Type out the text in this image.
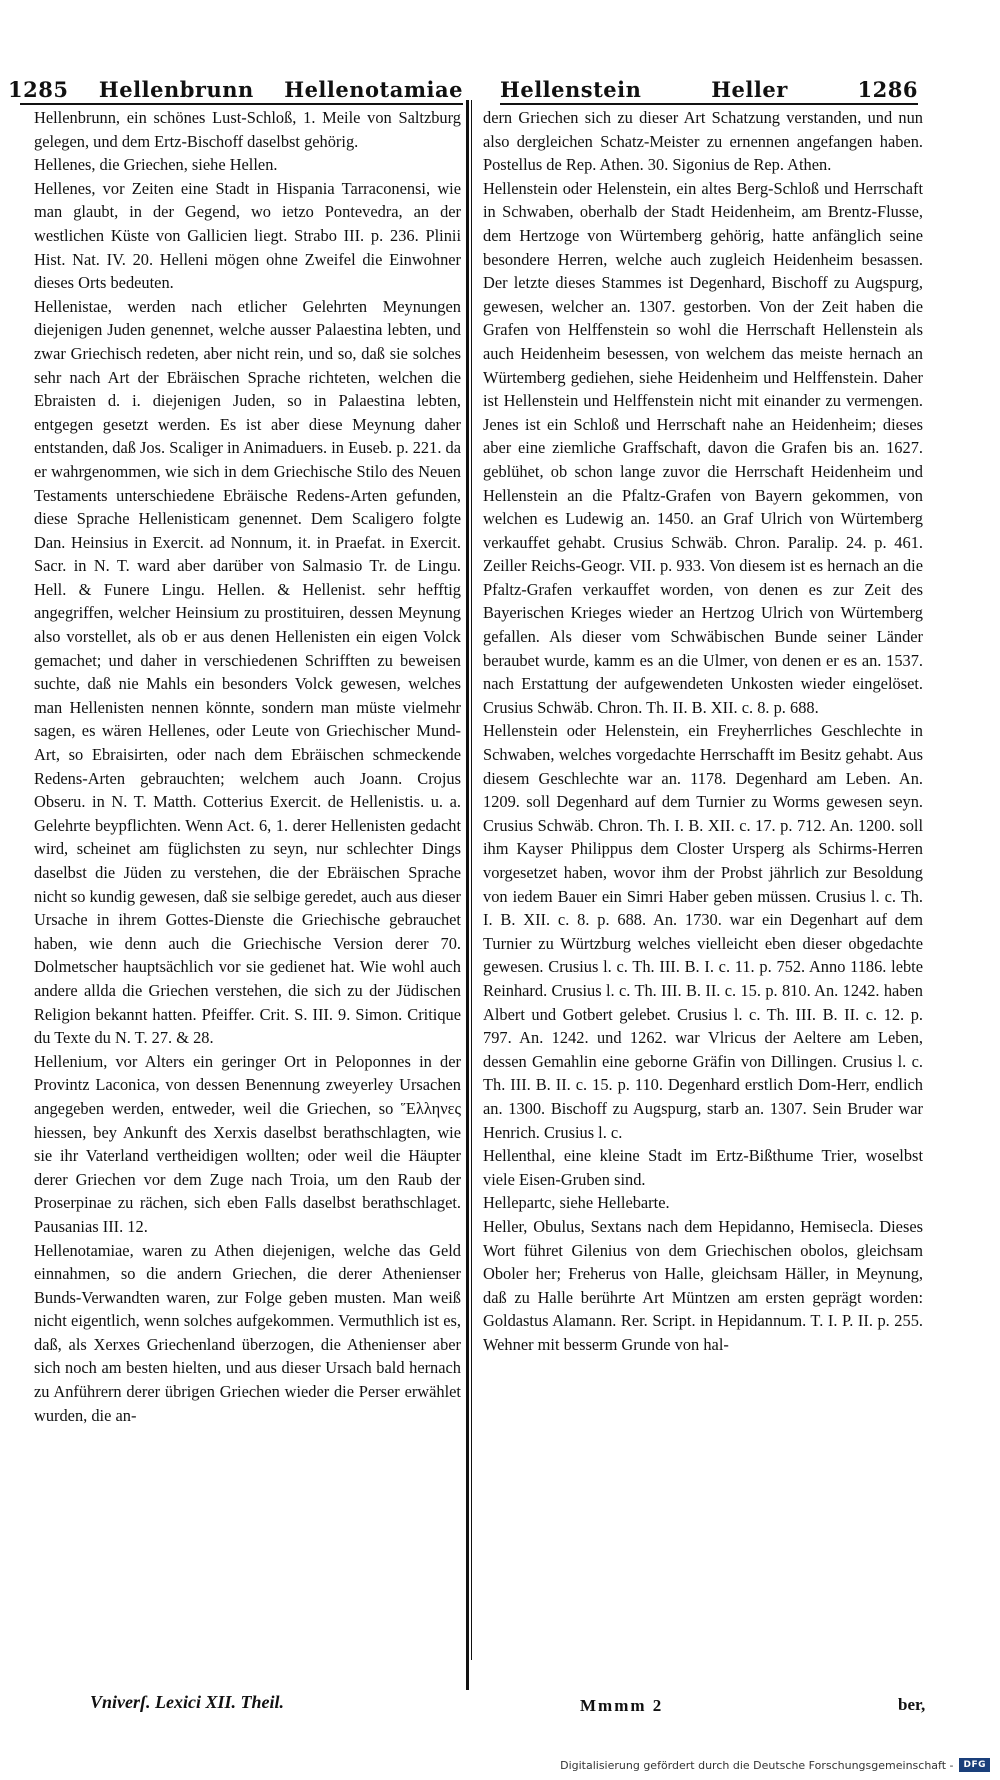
1285 Hellenbrunn Hellenotamiae Hellenstein	Heller	1286

Hellenbrunn, ein schönes Lust-Schloß, 1. Meile von Saltzburg gelegen, und dem Ertz-Bischoff daselbst gehörig.

Hellenes, die Griechen, siehe Hellen.

Hellenes, vor Zeiten eine Stadt in Hispania Tarraconensi, wie man glaubt, in der Gegend, wo ietzo Pontevedra, an der westlichen Küste von Gallicien liegt. Strabo III. p. 236. Plinii Hist. Nat. IV. 20. Helleni mögen ohne Zweifel die Einwohner dieses Orts bedeuten.

Hellenistae, werden nach etlicher Gelehrten Meynungen diejenigen Juden genennet, welche ausser Palaestina lebten, und zwar Griechisch redeten, aber nicht rein, und so, daß sie solches sehr nach Art der Ebräischen Sprache richteten, welchen die Ebraisten d. i. diejenigen Juden, so in Palaestina lebten, entgegen gesetzt werden. Es ist aber diese Meynung daher entstanden, daß Jos. Scaliger in Animaduers. in Euseb. p. 221. da er wahrgenommen, wie sich in dem Griechische Stilo des Neuen Testaments unterschiedene Ebräische Redens-Arten gefunden, diese Sprache Hellenisticam genennet. Dem Scaligero folgte Dan. Heinsius in Exercit. ad Nonnum, it. in Praefat. in Exercit. Sacr. in N. T. ward aber darüber von Salmasio Tr. de Lingu. Hell. & Funere Lingu. Hellen. & Hellenist. sehr hefftig angegriffen, welcher Heinsium zu prostituiren, dessen Meynung also vorstellet, als ob er aus denen Hellenisten ein eigen Volck gemachet; und daher in verschiedenen Schrifften zu beweisen suchte, daß nie Mahls ein besonders Volck gewesen, welches man Hellenisten nennen könnte, sondern man müste vielmehr sagen, es wären Hellenes, oder Leute von Griechischer Mund-Art, so Ebraisirten, oder nach dem Ebräischen schmeckende Redens-Arten gebrauchten; welchem auch Joann. Crojus Obseru. in N. T. Matth. Cotterius Exercit. de Hellenistis. u. a. Gelehrte beypflichten. Wenn Act. 6, 1. derer Hellenisten gedacht wird, scheinet am füglichsten zu seyn, nur schlechter Dings daselbst die Jüden zu verstehen, die der Ebräischen Sprache nicht so kundig gewesen, daß sie selbige geredet, auch aus dieser Ursache in ihrem Gottes-Dienste die Griechische gebrauchet haben, wie denn auch die Griechische Version derer 70. Dolmetscher hauptsächlich vor sie gedienet hat. Wie wohl auch andere allda die Griechen verstehen, die sich zu der Jüdischen Religion bekannt hatten. Pfeiffer. Crit. S. III. 9. Simon. Critique du Texte du N. T. 27. & 28.

Hellenium, vor Alters ein geringer Ort in Peloponnes in der Provintz Laconica, von dessen Benennung zweyerley Ursachen angegeben werden, entweder, weil die Griechen, so Ἕλληνες hiessen, bey Ankunft des Xerxis daselbst berathschlagten, wie sie ihr Vaterland vertheidigen wollten; oder weil die Häupter derer Griechen vor dem Zuge nach Troia, um den Raub der Proserpinae zu rächen, sich eben Falls daselbst berathschlaget. Pausanias III. 12.

Hellenotamiae, waren zu Athen diejenigen, welche das Geld einnahmen, so die andern Griechen, die derer Athenienser Bunds-Verwandten waren, zur Folge geben musten. Man weiß nicht eigentlich, wenn solches aufgekommen. Vermuthlich ist es, daß, als Xerxes Griechenland überzogen, die Athenienser aber sich noch am besten hielten, und aus dieser Ursach bald hernach zu Anführern derer übrigen Griechen wieder die Perser erwählet wurden, die an-

dern Griechen sich zu dieser Art Schatzung verstanden, und nun also dergleichen Schatz-Meister zu ernennen angefangen haben. Postellus de Rep. Athen. 30. Sigonius de Rep. Athen.

Hellenstein oder Helenstein, ein altes Berg-Schloß und Herrschaft in Schwaben, oberhalb der Stadt Heidenheim, am Brentz-Flusse, dem Hertzoge von Würtemberg gehörig, hatte anfänglich seine besondere Herren, welche auch zugleich Heidenheim besassen. Der letzte dieses Stammes ist Degenhard, Bischoff zu Augspurg, gewesen, welcher an. 1307. gestorben. Von der Zeit haben die Grafen von Helffenstein so wohl die Herrschaft Hellenstein als auch Heidenheim besessen, von welchem das meiste hernach an Würtemberg gediehen, siehe Heidenheim und Helffenstein. Daher ist Hellenstein und Helffenstein nicht mit einander zu vermengen. Jenes ist ein Schloß und Herrschaft nahe an Heidenheim; dieses aber eine ziemliche Graffschaft, davon die Grafen bis an. 1627. geblühet, ob schon lange zuvor die Herrschaft Heidenheim und Hellenstein an die Pfaltz-Grafen von Bayern gekommen, von welchen es Ludewig an. 1450. an Graf Ulrich von Würtemberg verkauffet gehabt. Crusius Schwäb. Chron. Paralip. 24. p. 461. Zeiller Reichs-Geogr. VII. p. 933. Von diesem ist es hernach an die Pfaltz-Grafen verkauffet worden, von denen es zur Zeit des Bayerischen Krieges wieder an Hertzog Ulrich von Würtemberg gefallen. Als dieser vom Schwäbischen Bunde seiner Länder beraubet wurde, kamm es an die Ulmer, von denen er es an. 1537. nach Erstattung der aufgewendeten Unkosten wieder eingelöset. Crusius Schwäb. Chron. Th. II. B. XII. c. 8. p. 688.

Hellenstein oder Helenstein, ein Freyherrliches Geschlechte in Schwaben, welches vorgedachte Herrschafft im Besitz gehabt. Aus diesem Geschlechte war an. 1178. Degenhard am Leben. An. 1209. soll Degenhard auf dem Turnier zu Worms gewesen seyn. Crusius Schwäb. Chron. Th. I. B. XII. c. 17. p. 712. An. 1200. soll ihm Kayser Philippus dem Closter Ursperg als Schirms-Herren vorgesetzet haben, wovor ihm der Probst jährlich zur Besoldung von iedem Bauer ein Simri Haber geben müssen. Crusius l. c. Th. I. B. XII. c. 8. p. 688. An. 1730. war ein Degenhart auf dem Turnier zu Würtzburg welches vielleicht eben dieser obgedachte gewesen. Crusius l. c. Th. III. B. I. c. 11. p. 752. Anno 1186. lebte Reinhard. Crusius l. c. Th. III. B. II. c. 15. p. 810. An. 1242. haben Albert und Gotbert gelebet. Crusius l. c. Th. III. B. II. c. 12. p. 797. An. 1242. und 1262. war Vlricus der Aeltere am Leben, dessen Gemahlin eine geborne Gräfin von Dillingen. Crusius l. c. Th. III. B. II. c. 15. p. 110. Degenhard erstlich Dom-Herr, endlich an. 1300. Bischoff zu Augspurg, starb an. 1307. Sein Bruder war Henrich. Crusius l. c.

Hellenthal, eine kleine Stadt im Ertz-Bißthume Trier, woselbst viele Eisen-Gruben sind.

Hellepartc, siehe Hellebarte.

Heller, Obulus, Sextans nach dem Hepidanno, Hemisecla. Dieses Wort führet Gilenius von dem Griechischen obolos, gleichsam Oboler her; Freherus von Halle, gleichsam Häller, in Meynung, daß zu Halle berührte Art Müntzen am ersten geprägt worden: Goldastus Alamann. Rer. Script. in Hepidannum. T. I. P. II. p. 255. Wehner mit besserm Grunde von hal-

Vniverſ. Lexici XII. Theil.	Mmmm 2	ber,
Digitalisierung gefördert durch die Deutsche Forschungsgemeinschaft -	DFG
